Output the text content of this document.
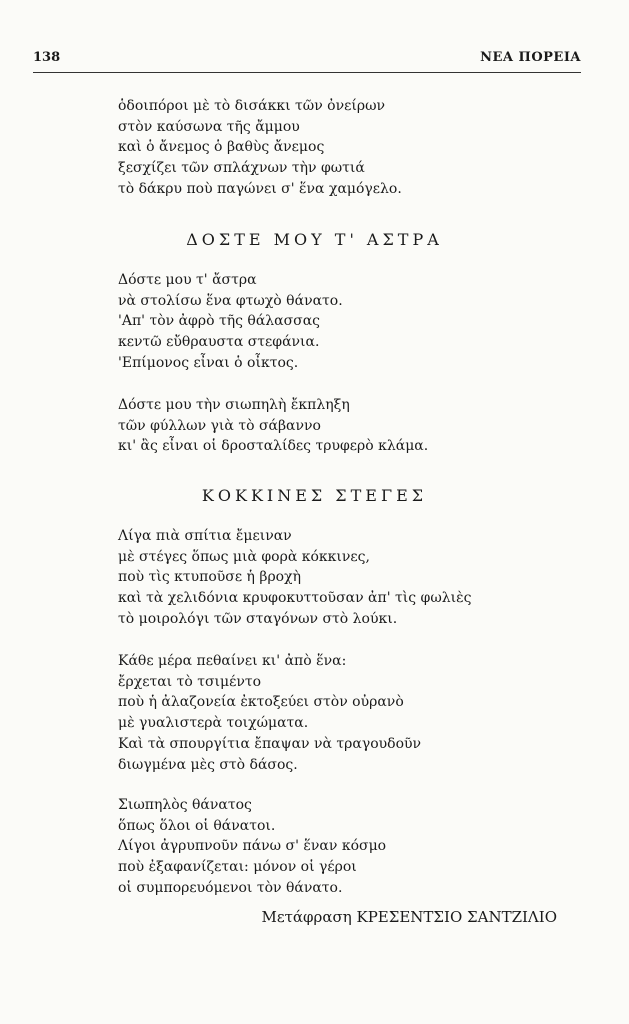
138	ΝΕΑ ΠΟΡΕΙΑ
ὁδοιπόροι μὲ τὸ δισάκκι τῶν ὀνείρων
στὸν καύσωνα τῆς ἄμμου
καὶ ὁ ἄνεμος ὁ βαθὺς ἄνεμος
ξεσχίζει τῶν σπλάχνων τὴν φωτιά
τὸ δάκρυ ποὺ παγώνει σ' ἕνα χαμόγελο.
ΔΟΣΤΕ ΜΟΥ Τ' ΑΣΤΡΑ
Δόστε μου τ' ἄστρα
νὰ στολίσω ἕνα φτωχὸ θάνατο.
'Απ' τὸν ἀφρὸ τῆς θάλασσας
κεντῶ εὔθραυστα στεφάνια.
'Επίμονος εἶναι ὁ οἶκτος.
Δόστε μου τὴν σιωπηλὴ ἔκπληξη
τῶν φύλλων γιὰ τὸ σάβαννο
κι' ἂς εἶναι οἱ δροσταλίδες τρυφερὸ κλάμα.
ΚΟΚΚΙΝΕΣ ΣΤΕΓΕΣ
Λίγα πιὰ σπίτια ἔμειναν
μὲ στέγες ὅπως μιὰ φορὰ κόκκινες,
ποὺ τὶς κτυποῦσε ἡ βροχὴ
καὶ τὰ χελιδόνια κρυφοκυττοῦσαν ἀπ' τὶς φωλιὲς
τὸ μοιρολόγι τῶν σταγόνων στὸ λούκι.
Κάθε μέρα πεθαίνει κι' ἀπὸ ἕνα:
ἔρχεται τὸ τσιμέντο
ποὺ ἡ ἀλαζονεία ἐκτοξεύει στὸν οὐρανὸ
μὲ γυαλιστερὰ τοιχώματα.
Καὶ τὰ σπουργίτια ἔπαψαν νὰ τραγουδοῦν
διωγμένα μὲς στὸ δάσος.
Σιωπηλὸς θάνατος
ὅπως ὅλοι οἱ θάνατοι.
Λίγοι ἀγρυπνοῦν πάνω σ' ἕναν κόσμο
ποὺ ἐξαφανίζεται: μόνον οἱ γέροι
οἱ συμπορευόμενοι τὸν θάνατο.
Μετάφραση ΚΡΕΣΕΝΤΣΙΟ ΣΑΝΤΖΙΛΙΟ
